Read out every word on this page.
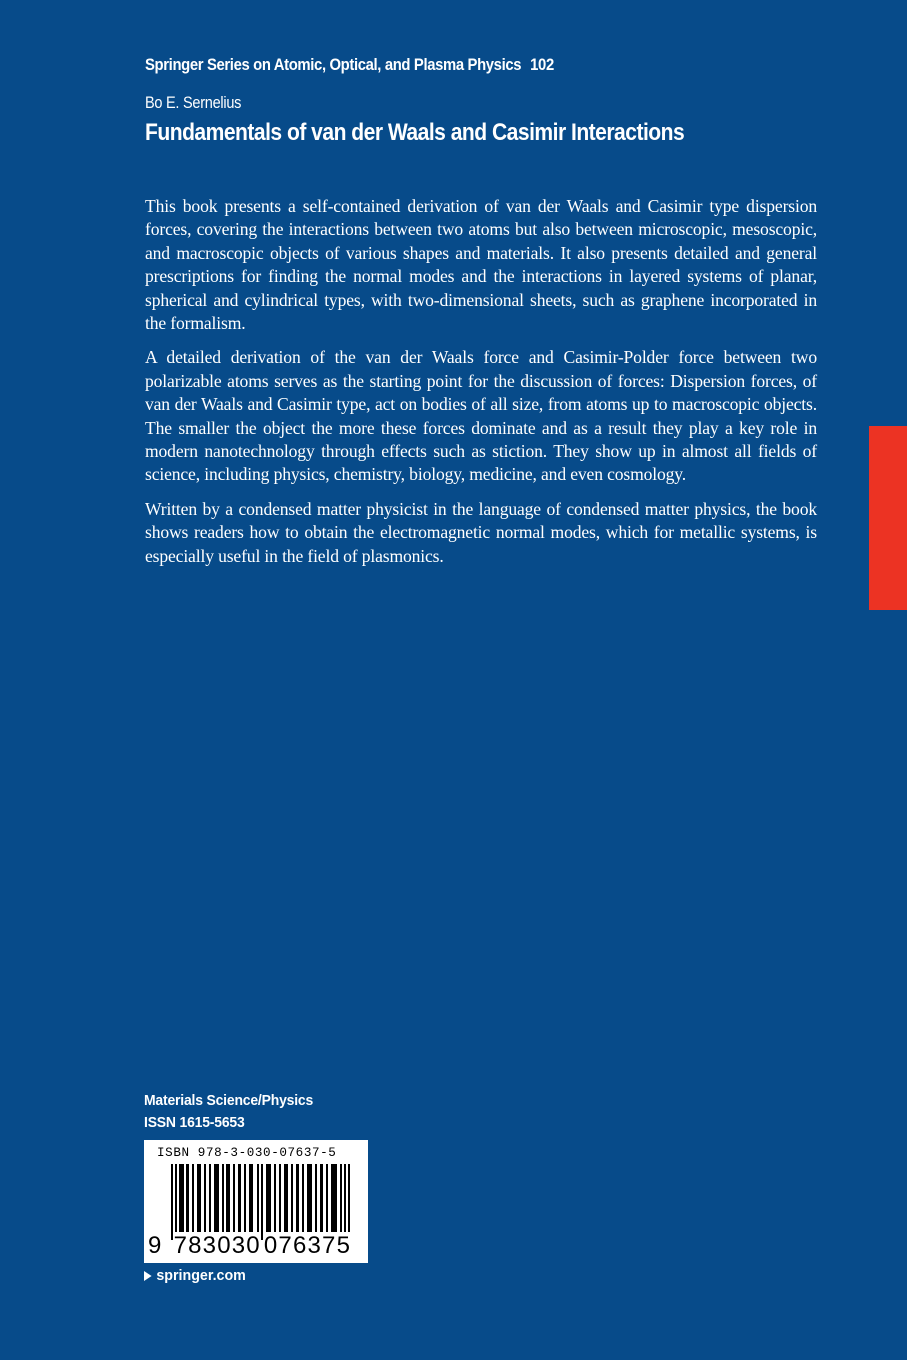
Springer Series on Atomic, Optical, and Plasma Physics 102
Bo E. Sernelius
Fundamentals of van der Waals and Casimir Interactions

This book presents a self-contained derivation of van der Waals and Casimir type dispersion forces, covering the interactions between two atoms but also between microscopic, mesoscopic, and macroscopic objects of various shapes and materials. It also presents detailed and general prescriptions for finding the normal modes and the interactions in layered systems of planar, spherical and cylindrical types, with two-dimensional sheets, such as graphene incorporated in the formalism.

A detailed derivation of the van der Waals force and Casimir-Polder force between two polarizable atoms serves as the starting point for the discussion of forces: Dispersion forces, of van der Waals and Casimir type, act on bodies of all size, from atoms up to macroscopic objects. The smaller the object the more these forces dominate and as a result they play a key role in modern nanotechnology through effects such as stiction. They show up in almost all fields of science, including physics, chemistry, biology, medicine, and even cosmology.

Written by a condensed matter physicist in the language of condensed matter physics, the book shows readers how to obtain the electromagnetic normal modes, which for metallic systems, is especially useful in the field of plasmonics.

Materials Science/Physics
ISSN 1615-5653
ISBN 978-3-030-07637-5
9 783030 076375
springer.com
